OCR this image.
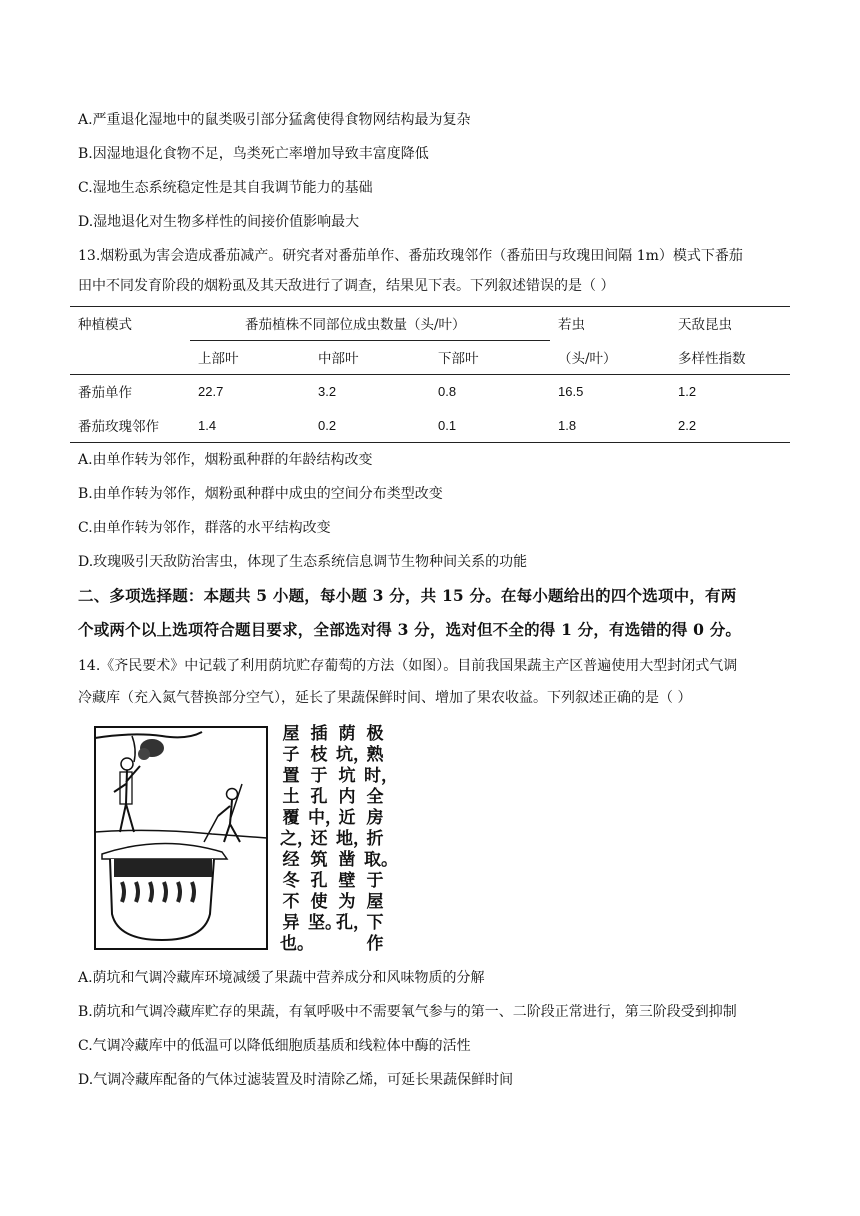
A.严重退化湿地中的鼠类吸引部分猛禽使得食物网结构最为复杂
B.因湿地退化食物不足，鸟类死亡率增加导致丰富度降低
C.湿地生态系统稳定性是其自我调节能力的基础
D.湿地退化对生物多样性的间接价值影响最大
13.烟粉虱为害会造成番茄减产。研究者对番茄单作、番茄玫瑰邻作（番茄田与玫瑰田间隔 1m）模式下番茄
田中不同发育阶段的烟粉虱及其天敌进行了调查，结果见下表。下列叙述错误的是（ ）
种植模式	番茄植株不同部位成虫数量（头/叶）			若虫	天敌昆虫
	上部叶	中部叶	下部叶	（头/叶）	多样性指数
番茄单作	22.7	3.2	0.8	16.5	1.2
番茄玫瑰邻作	1.4	0.2	0.1	1.8	2.2
A.由单作转为邻作，烟粉虱种群的年龄结构改变
B.由单作转为邻作，烟粉虱种群中成虫的空间分布类型改变
C.由单作转为邻作，群落的水平结构改变
D.玫瑰吸引天敌防治害虫，体现了生态系统信息调节生物种间关系的功能
二、多项选择题：本题共 5 小题，每小题 3 分，共 15 分。在每小题给出的四个选项中，有两
个或两个以上选项符合题目要求，全部选对得 3 分，选对但不全的得 1 分，有选错的得 0 分。
14.《齐民要术》中记载了利用荫坑贮存葡萄的方法（如图）。目前我国果蔬主产区普遍使用大型封闭式气调
冷藏库（充入氮气替换部分空气），延长了果蔬保鲜时间、增加了果农收益。下列叙述正确的是（ ）
极熟时，全房折取。于屋下作
荫坑，坑内近地，凿壁为孔，
插枝于孔中，还筑孔使坚。
屋子置土覆之，经冬不异也。
A.荫坑和气调冷藏库环境减缓了果蔬中营养成分和风味物质的分解
B.荫坑和气调冷藏库贮存的果蔬，有氧呼吸中不需要氧气参与的第一、二阶段正常进行，第三阶段受到抑制
C.气调冷藏库中的低温可以降低细胞质基质和线粒体中酶的活性
D.气调冷藏库配备的气体过滤装置及时清除乙烯，可延长果蔬保鲜时间
